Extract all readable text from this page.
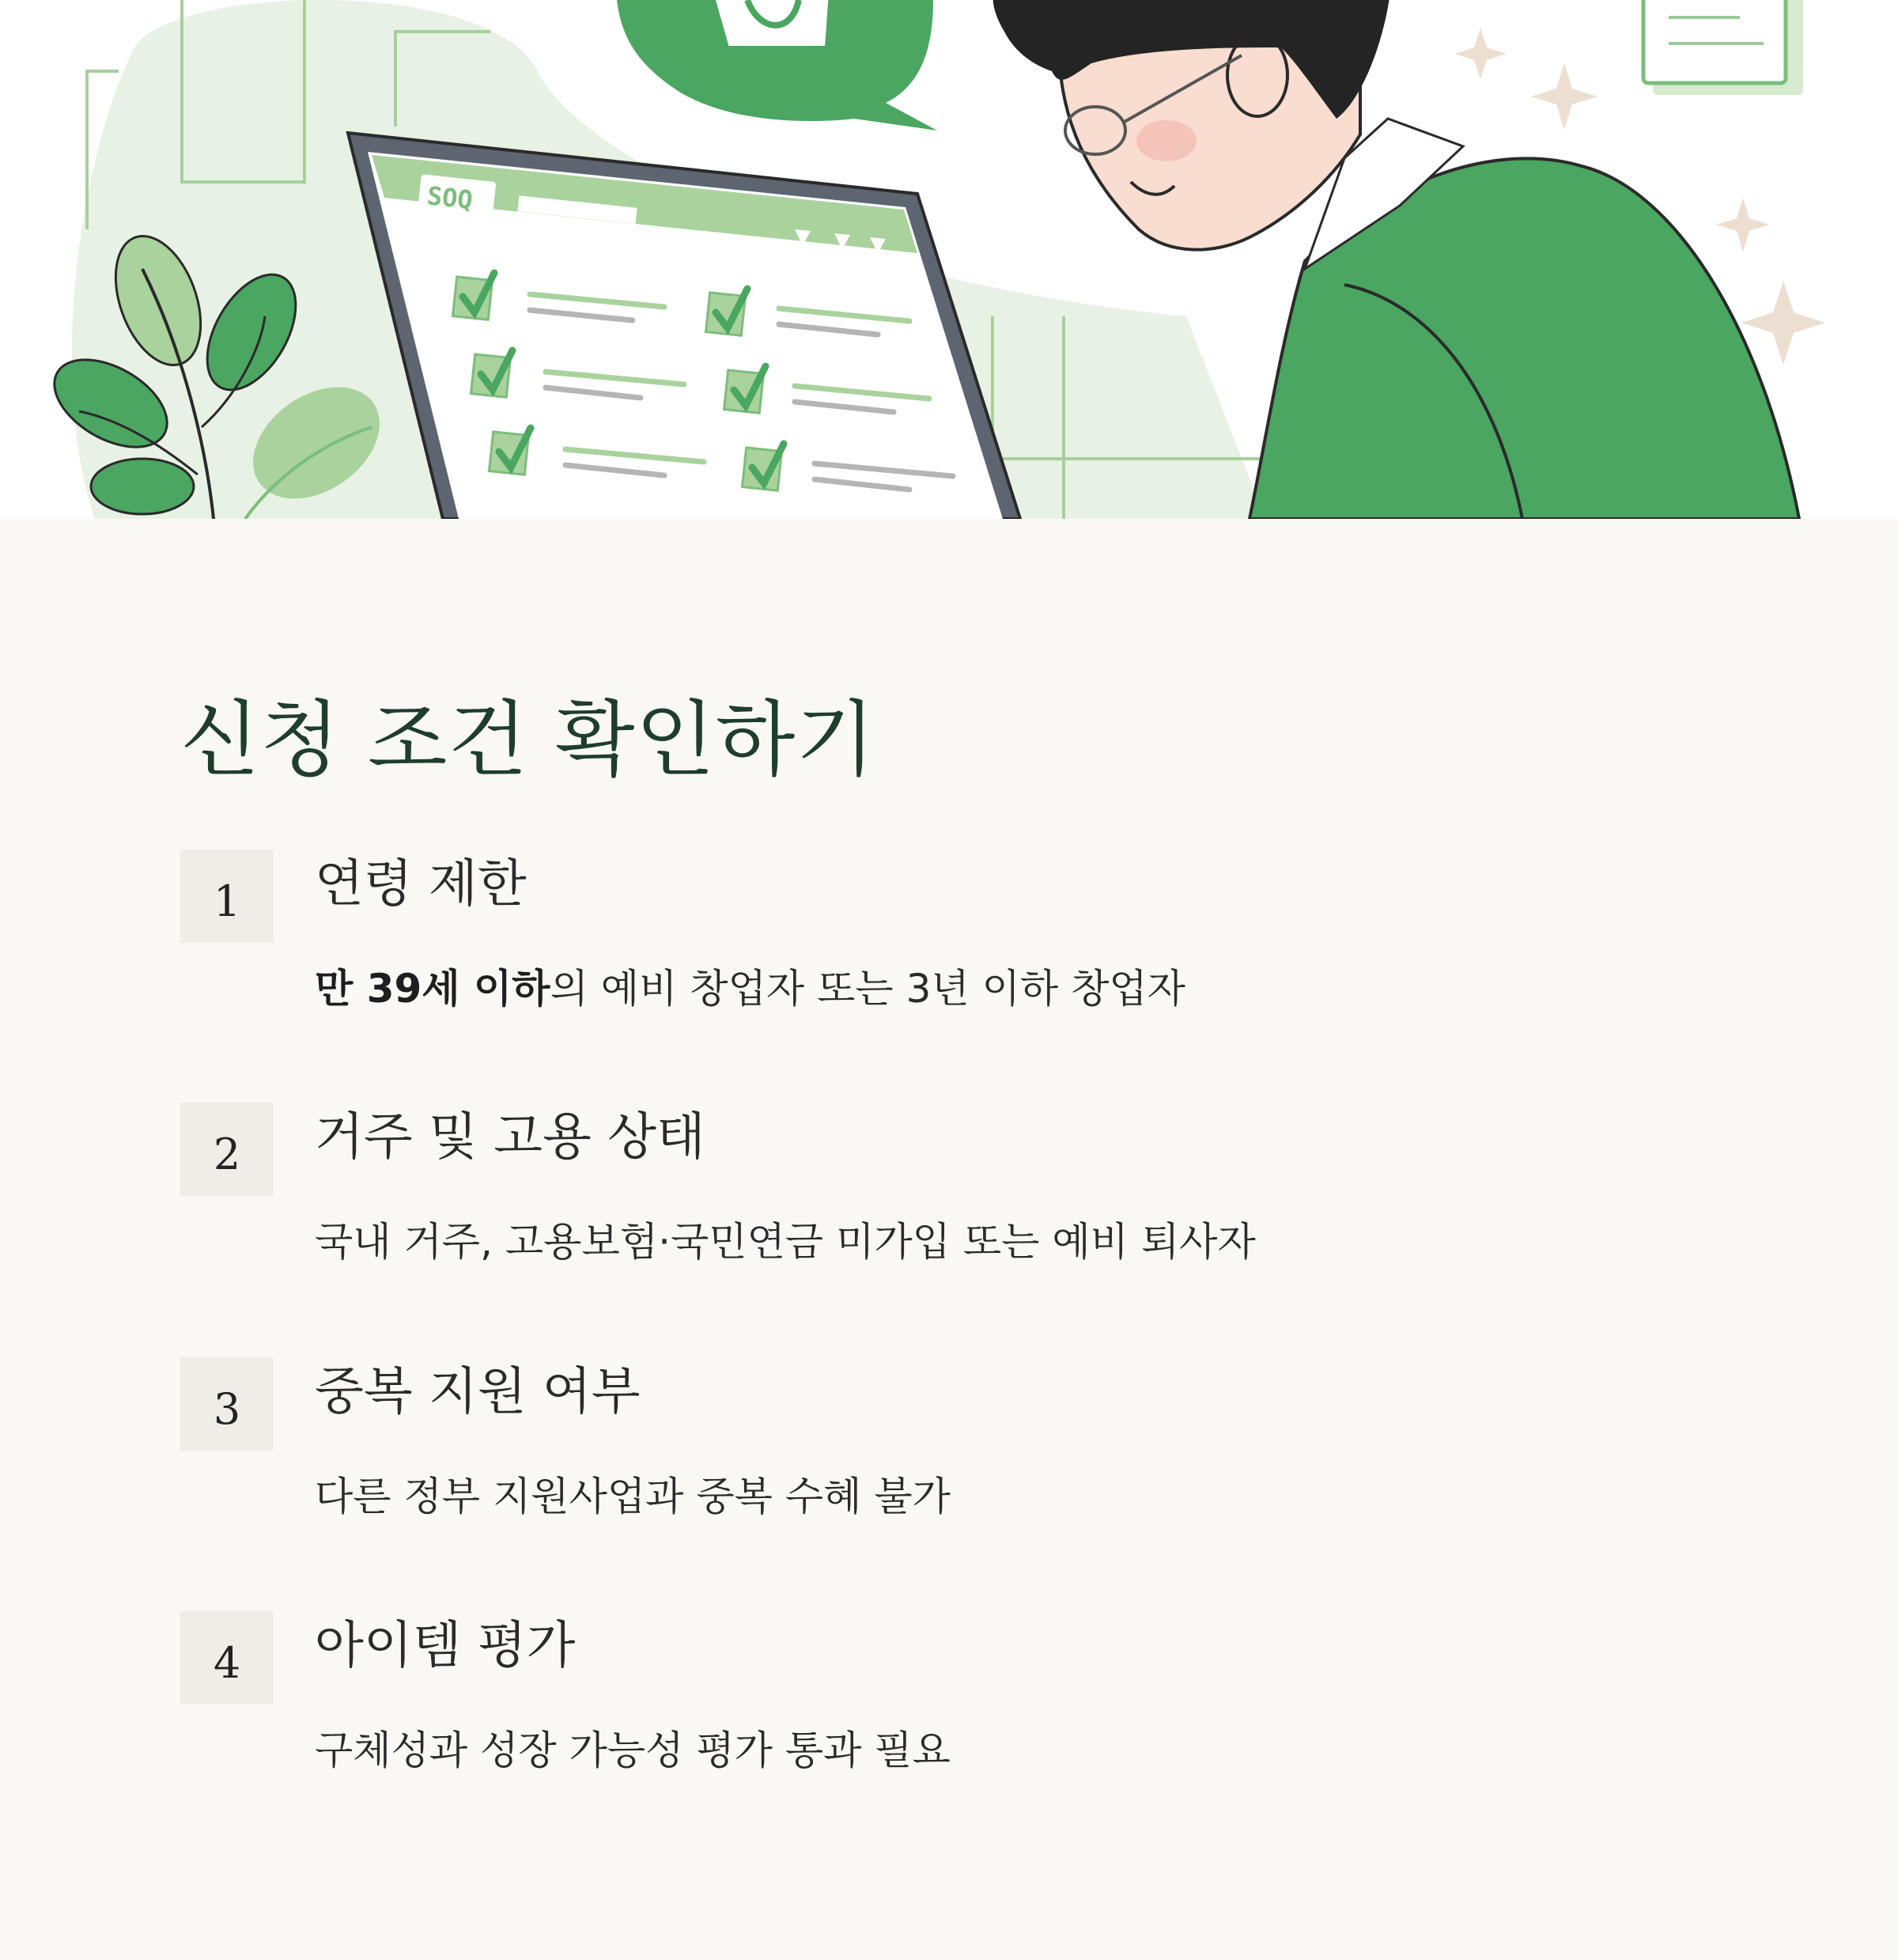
SOQ
신청 조건 확인하기
1	연령 제한

만 39세 이하의 예비 창업자 또는 3년 이하 창업자

2	거주 및 고용 상태

국내 거주, 고용보험·국민연금 미가입 또는 예비 퇴사자

3	중복 지원 여부

다른 정부 지원사업과 중복 수혜 불가

4	아이템 평가

구체성과 성장 가능성 평가 통과 필요
